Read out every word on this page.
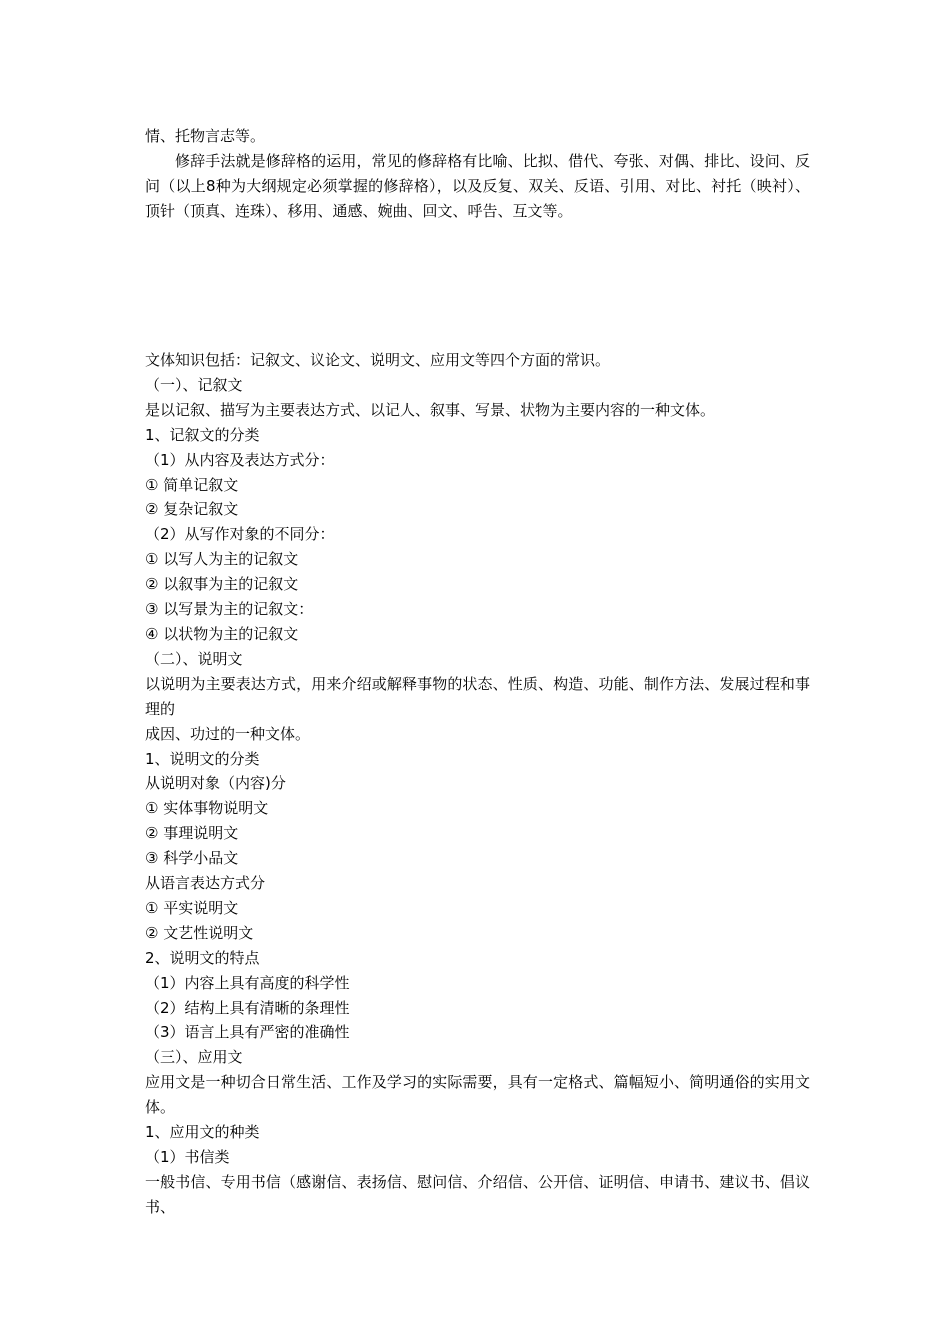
情、托物言志等。

修辞手法就是修辞格的运用，常见的修辞格有比喻、比拟、借代、夸张、对偶、排比、设问、反问（以上8种为大纲规定必须掌握的修辞格），以及反复、双关、反语、引用、对比、衬托（映衬）、顶针（顶真、连珠）、移用、通感、婉曲、回文、呼告、互文等。

文体知识包括：记叙文、议论文、说明文、应用文等四个方面的常识。
（一）、记叙文
是以记叙、描写为主要表达方式、以记人、叙事、写景、状物为主要内容的一种文体。
1、记叙文的分类
（1）从内容及表达方式分：
① 简单记叙文
② 复杂记叙文
（2）从写作对象的不同分：
① 以写人为主的记叙文
② 以叙事为主的记叙文
③ 以写景为主的记叙文：
④ 以状物为主的记叙文
（二）、说明文
以说明为主要表达方式，用来介绍或解释事物的状态、性质、构造、功能、制作方法、发展过程和事理的
成因、功过的一种文体。
1、说明文的分类
从说明对象（内容)分
① 实体事物说明文
② 事理说明文
③ 科学小品文
从语言表达方式分
① 平实说明文
② 文艺性说明文
2、说明文的特点
（1）内容上具有高度的科学性
（2）结构上具有清晰的条理性
（3）语言上具有严密的准确性
（三）、应用文
应用文是一种切合日常生活、工作及学习的实际需要，具有一定格式、篇幅短小、简明通俗的实用文体。
1、应用文的种类
（1）书信类
一般书信、专用书信（感谢信、表扬信、慰问信、介绍信、公开信、证明信、申请书、建议书、倡议书、
